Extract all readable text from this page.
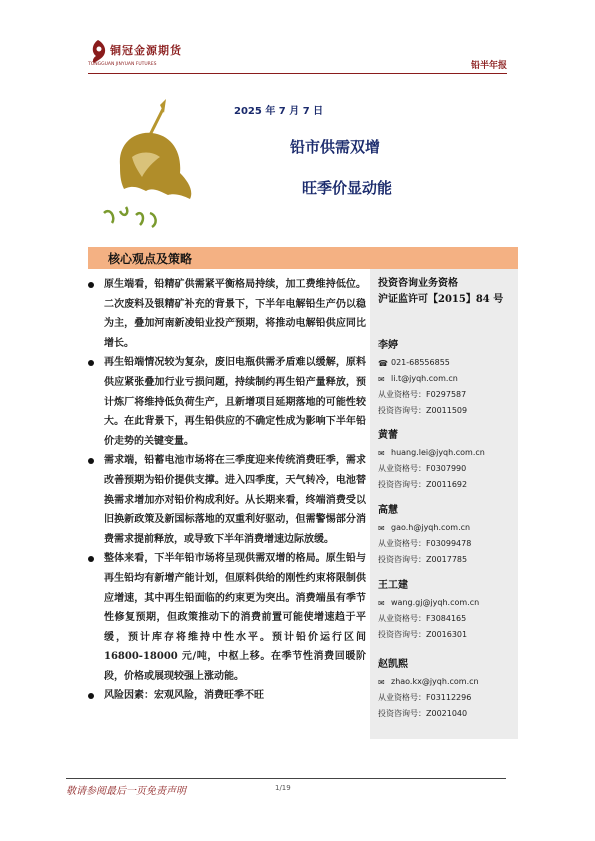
铜冠金源期货
TONGGUAN JINYUAN FUTURES	铅半年报
2025 年 7 月 7 日
铅市供需双增
旺季价显动能
核心观点及策略
原生端看，铅精矿供需紧平衡格局持续，加工费维持低位。二次废料及银精矿补充的背景下，下半年电解铅生产仍以稳为主，叠加河南新凌铅业投产预期，将推动电解铅供应同比增长。
再生铅端情况较为复杂，废旧电瓶供需矛盾难以缓解，原料供应紧张叠加行业亏损问题，持续制约再生铅产量释放，预计炼厂将维持低负荷生产，且新增项目延期落地的可能性较大。在此背景下，再生铅供应的不确定性成为影响下半年铅价走势的关键变量。
需求端，铅蓄电池市场将在三季度迎来传统消费旺季，需求改善预期为铅价提供支撑。进入四季度，天气转冷，电池替换需求增加亦对铅价构成利好。从长期来看，终端消费受以旧换新政策及新国标落地的双重利好驱动，但需警惕部分消费需求提前释放，或导致下半年消费增速边际放缓。
整体来看，下半年铅市场将呈现供需双增的格局。原生铅与再生铅均有新增产能计划，但原料供给的刚性约束将限制供应增速，其中再生铅面临的约束更为突出。消费端虽有季节性修复预期，但政策推动下的消费前置可能使增速趋于平缓，预计库存将维持中性水平。预计铅价运行区间 16800-18000 元/吨，中枢上移。在季节性消费回暖阶段，价格或展现较强上涨动能。
风险因素：宏观风险，消费旺季不旺
投资咨询业务资格
沪证监许可【2015】84 号
李婷
☎ 021-68556855
✉ li.t@jyqh.com.cn
从业资格号：F0297587
投资咨询号：Z0011509
黄蕾
✉ huang.lei@jyqh.com.cn
从业资格号：F0307990
投资咨询号：Z0011692
高慧
✉ gao.h@jyqh.com.cn
从业资格号：F03099478
投资咨询号：Z0017785
王工建
✉ wang.gj@jyqh.com.cn
从业资格号：F3084165
投资咨询号：Z0016301
赵凯熙
✉ zhao.kx@jyqh.com.cn
从业资格号：F03112296
投资咨询号：Z0021040
敬请参阅最后一页免责声明	1/19
